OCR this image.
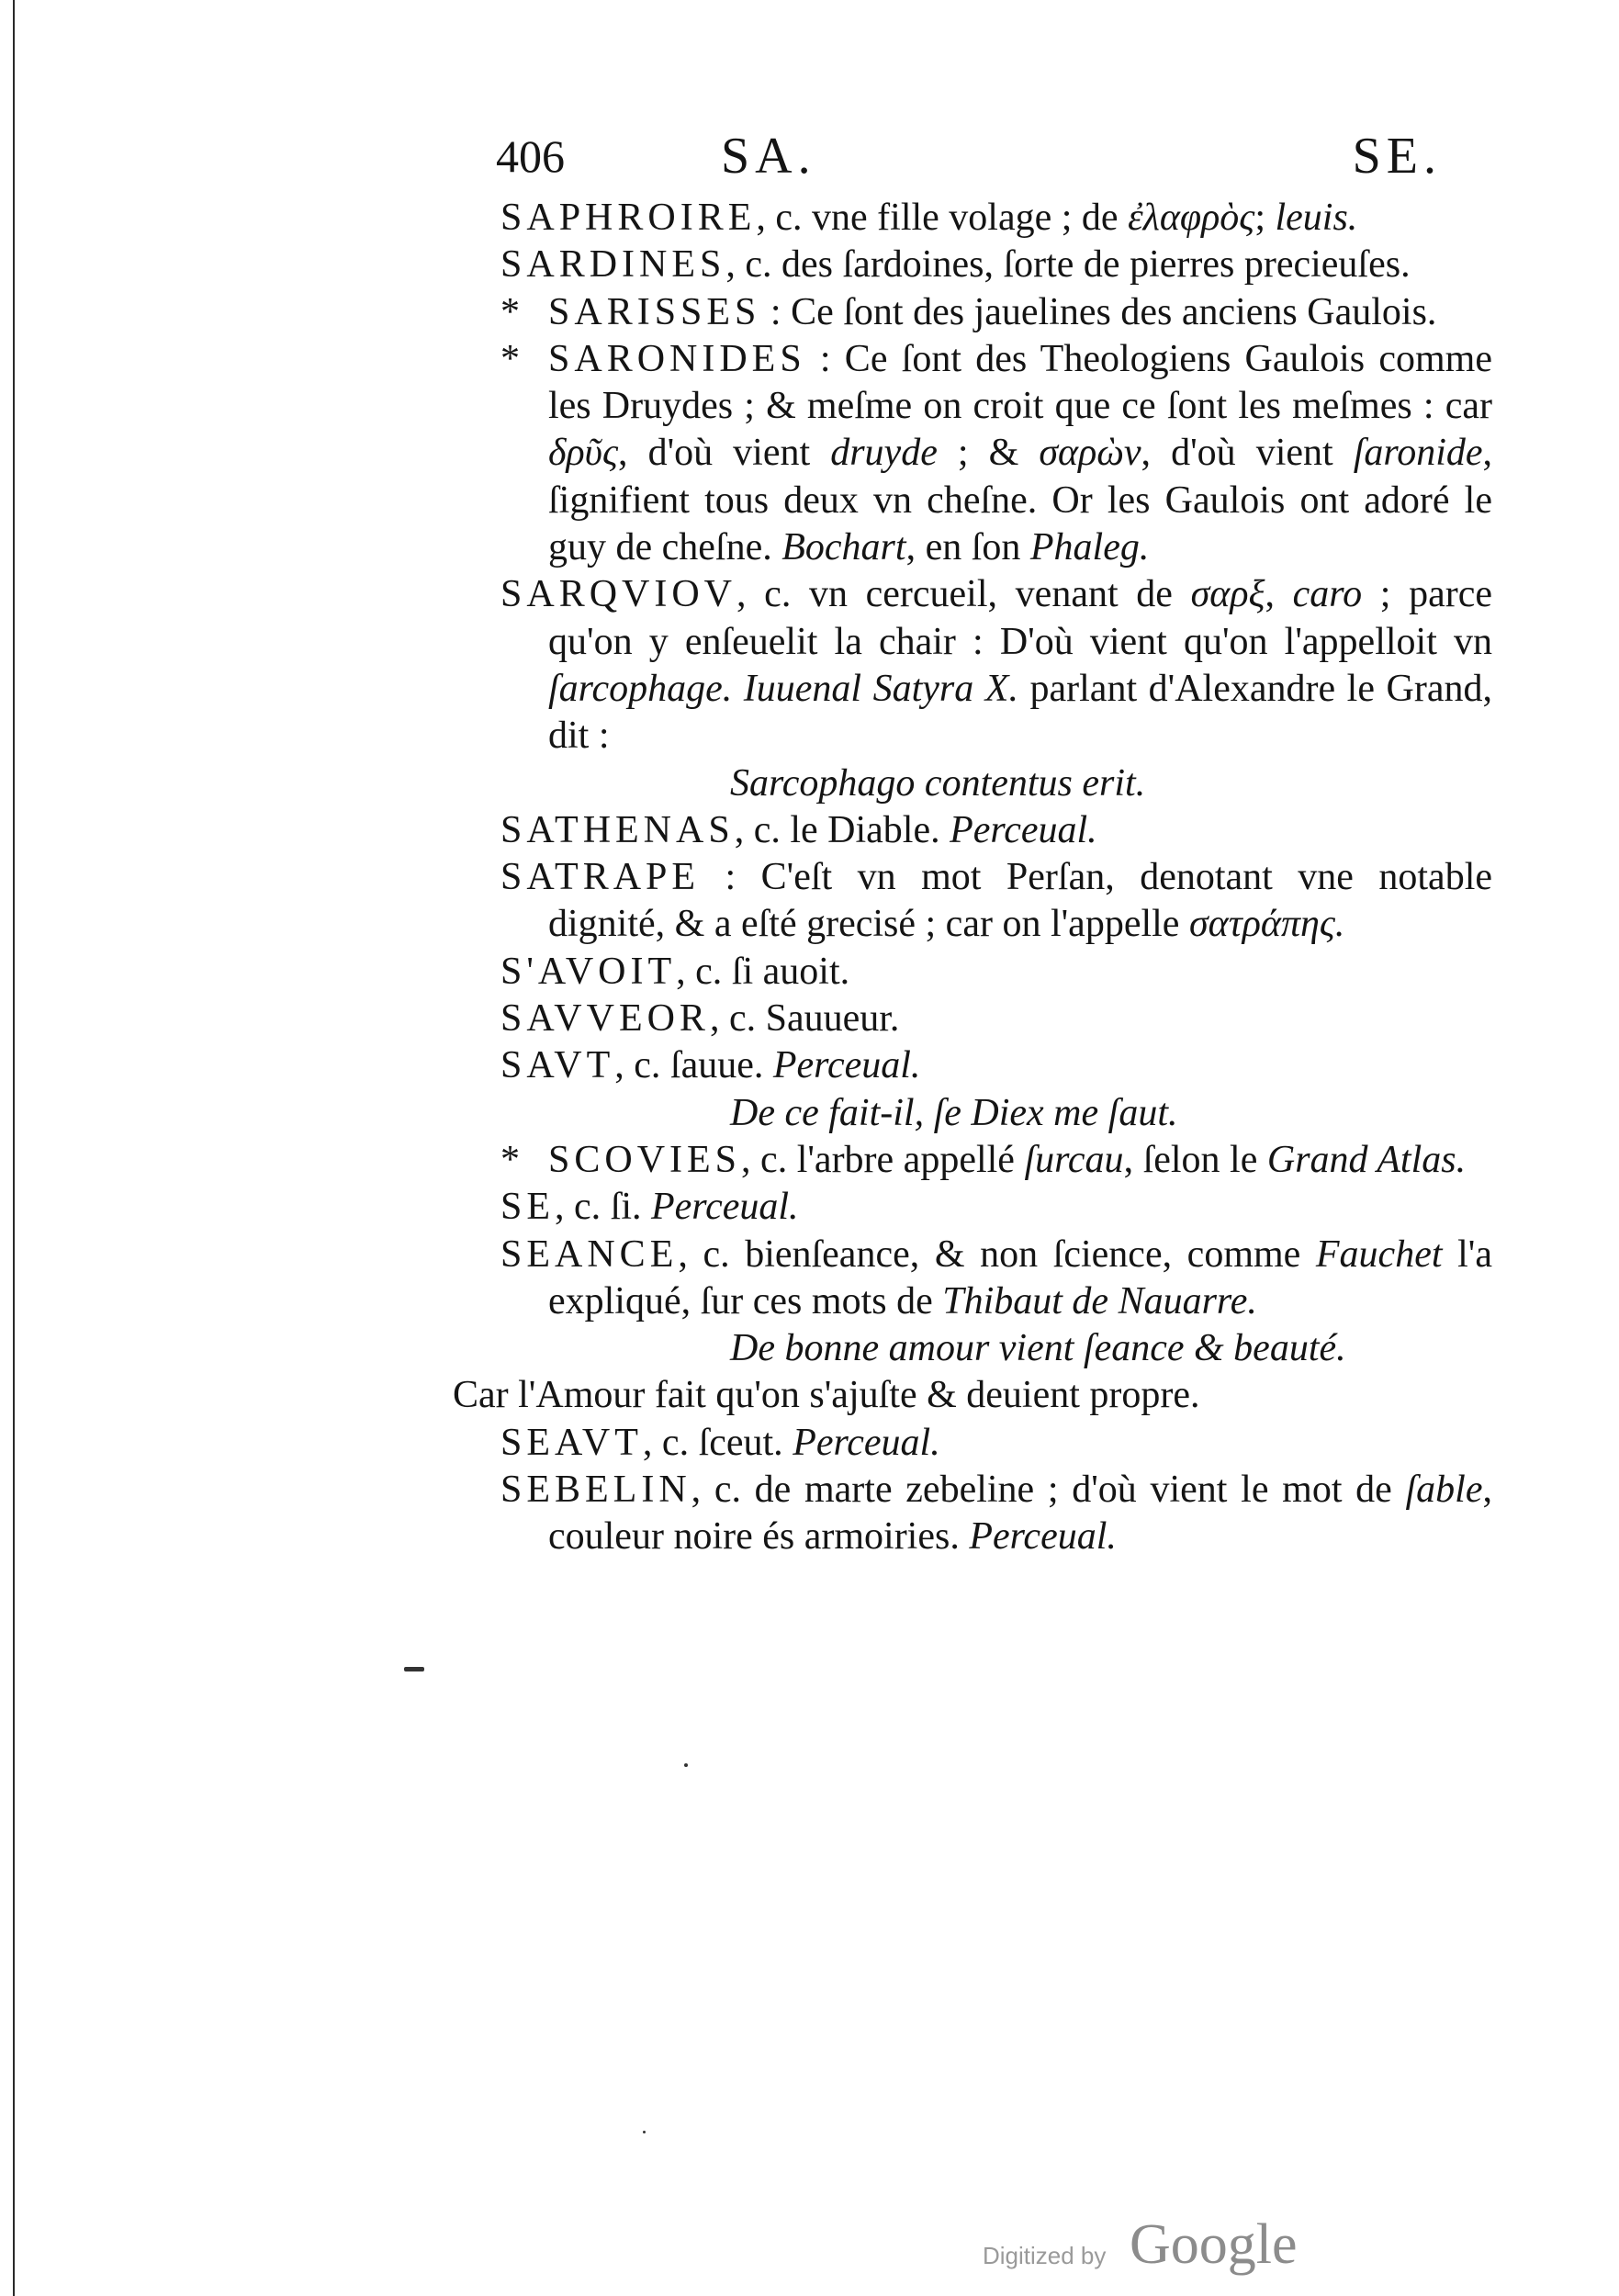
406	SA.	SE.
SAPHROIRE, c. vne fille volage ; de ἐλαφρὸς; leuis.
SARDINES, c. des ſardoines, ſorte de pierres precieuſes.
* SARISSES : Ce ſont des jauelines des anciens Gaulois.
* SARONIDES : Ce ſont des Theologiens Gaulois comme les Druydes ; & meſme on croit que ce ſont les meſmes : car δρῦς, d'où vient druyde ; & σαρὼν, d'où vient ſaronide, ſignifient tous deux vn cheſne. Or les Gaulois ont adoré le guy de cheſne. Bochart, en ſon Phaleg.
SARQVIOV, c. vn cercueil, venant de σαρξ, caro ; parce qu'on y enſeuelit la chair : D'où vient qu'on l'appelloit vn ſarcophage. Iuuenal Satyra X. parlant d'Alexandre le Grand, dit :
Sarcophago contentus erit.
SATHENAS, c. le Diable. Perceual.
SATRAPE : C'eſt vn mot Perſan, denotant vne notable dignité, & a eſté grecisé ; car on l'appelle σατράπης.
S'AVOIT, c. ſi auoit.
SAVVEOR, c. Sauueur.
SAVT, c. ſauue. Perceual.
De ce fait-il, ſe Diex me ſaut.
* SCOVIES, c. l'arbre appellé ſurcau, ſelon le Grand Atlas.
SE, c. ſi. Perceual.
SEANCE, c. bienſeance, & non ſcience, comme Fauchet l'a expliqué, ſur ces mots de Thibaut de Nauarre.
De bonne amour vient ſeance & beauté.
Car l'Amour fait qu'on s'ajuſte & deuient propre.
SEAVT, c. ſceut. Perceual.
SEBELIN, c. de marte zebeline ; d'où vient le mot de ſable, couleur noire és armoiries. Perceual.
Digitized by Google
